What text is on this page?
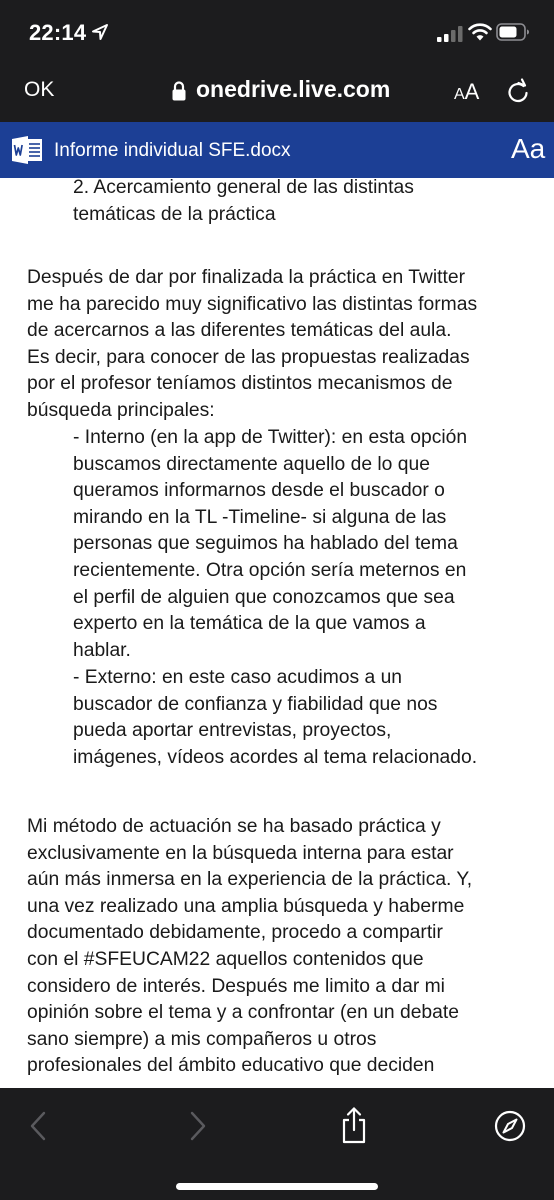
22:14
OK	onedrive.live.com	AA
Informe individual SFE.docx	Aa
2. Acercamiento general de las distintas
temáticas de la práctica
Después de dar por finalizada la práctica en Twitter
me ha parecido muy significativo las distintas formas
de acercarnos a las diferentes temáticas del aula.
Es decir, para conocer de las propuestas realizadas
por el profesor teníamos distintos mecanismos de
búsqueda principales:
- Interno (en la app de Twitter): en esta opción
buscamos directamente aquello de lo que
queramos informarnos desde el buscador o
mirando en la TL -Timeline- si alguna de las
personas que seguimos ha hablado del tema
recientemente. Otra opción sería meternos en
el perfil de alguien que conozcamos que sea
experto en la temática de la que vamos a
hablar.
- Externo: en este caso acudimos a un
buscador de confianza y fiabilidad que nos
pueda aportar entrevistas, proyectos,
imágenes, vídeos acordes al tema relacionado.
Mi método de actuación se ha basado práctica y
exclusivamente en la búsqueda interna para estar
aún más inmersa en la experiencia de la práctica. Y,
una vez realizado una amplia búsqueda y haberme
documentado debidamente, procedo a compartir
con el #SFEUCAM22 aquellos contenidos que
considero de interés. Después me limito a dar mi
opinión sobre el tema y a confrontar (en un debate
sano siempre) a mis compañeros u otros
profesionales del ámbito educativo que deciden
